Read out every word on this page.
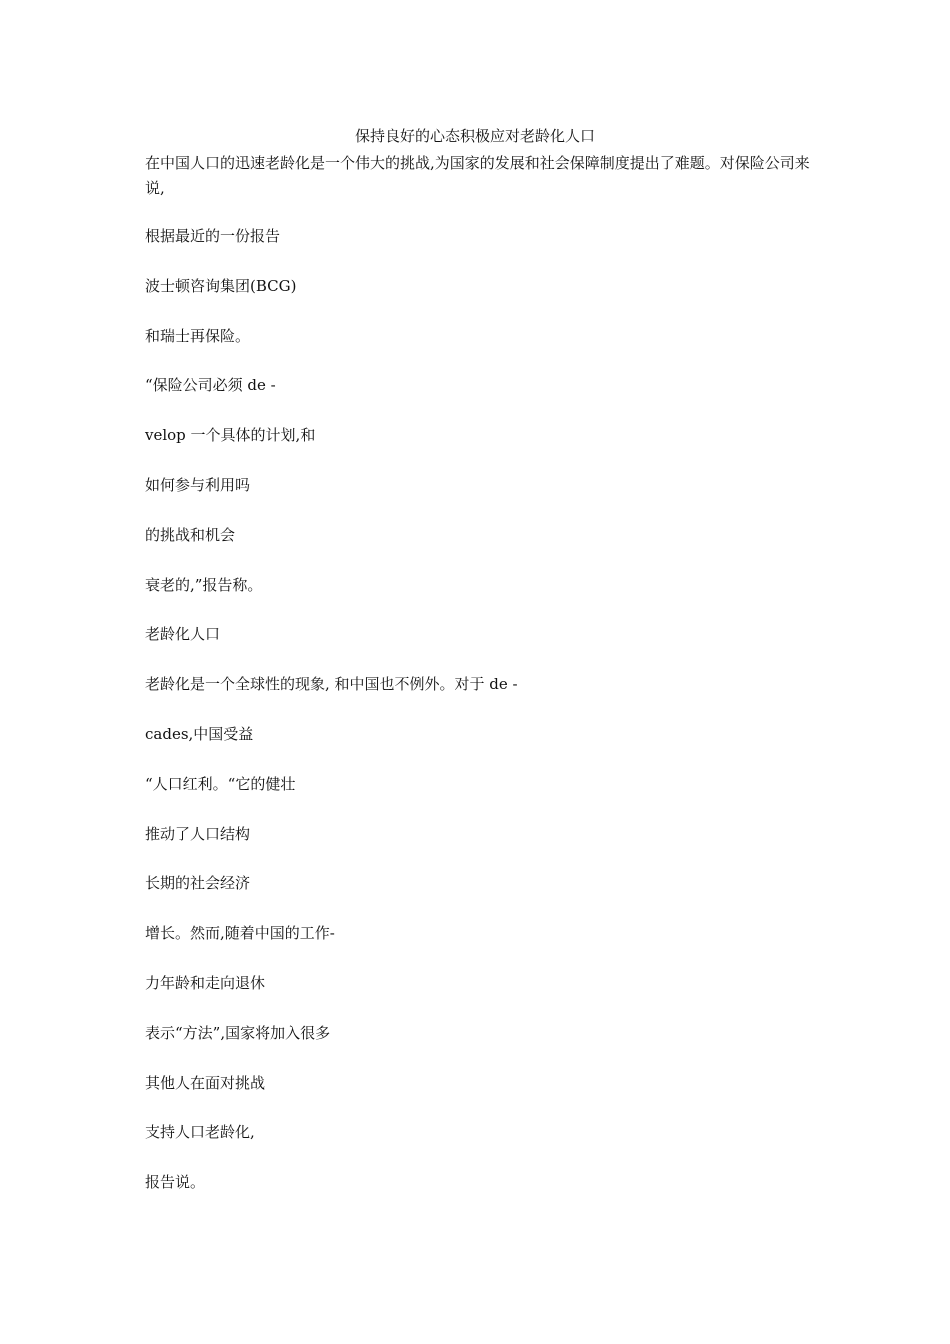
保持良好的心态积极应对老龄化人口
在中国人口的迅速老龄化是一个伟大的挑战,为国家的发展和社会保障制度提出了难题。对保险公司来说,
根据最近的一份报告
波士顿咨询集团(BCG)
和瑞士再保险。
“保险公司必须 de -
velop 一个具体的计划,和
如何参与利用吗
的挑战和机会
衰老的,”报告称。
老龄化人口
老龄化是一个全球性的现象, 和中国也不例外。对于 de -
cades,中国受益
“人口红利。“它的健壮
推动了人口结构
长期的社会经济
增长。然而,随着中国的工作-
力年龄和走向退休
表示“方法”,国家将加入很多
其他人在面对挑战
支持人口老龄化,
报告说。
